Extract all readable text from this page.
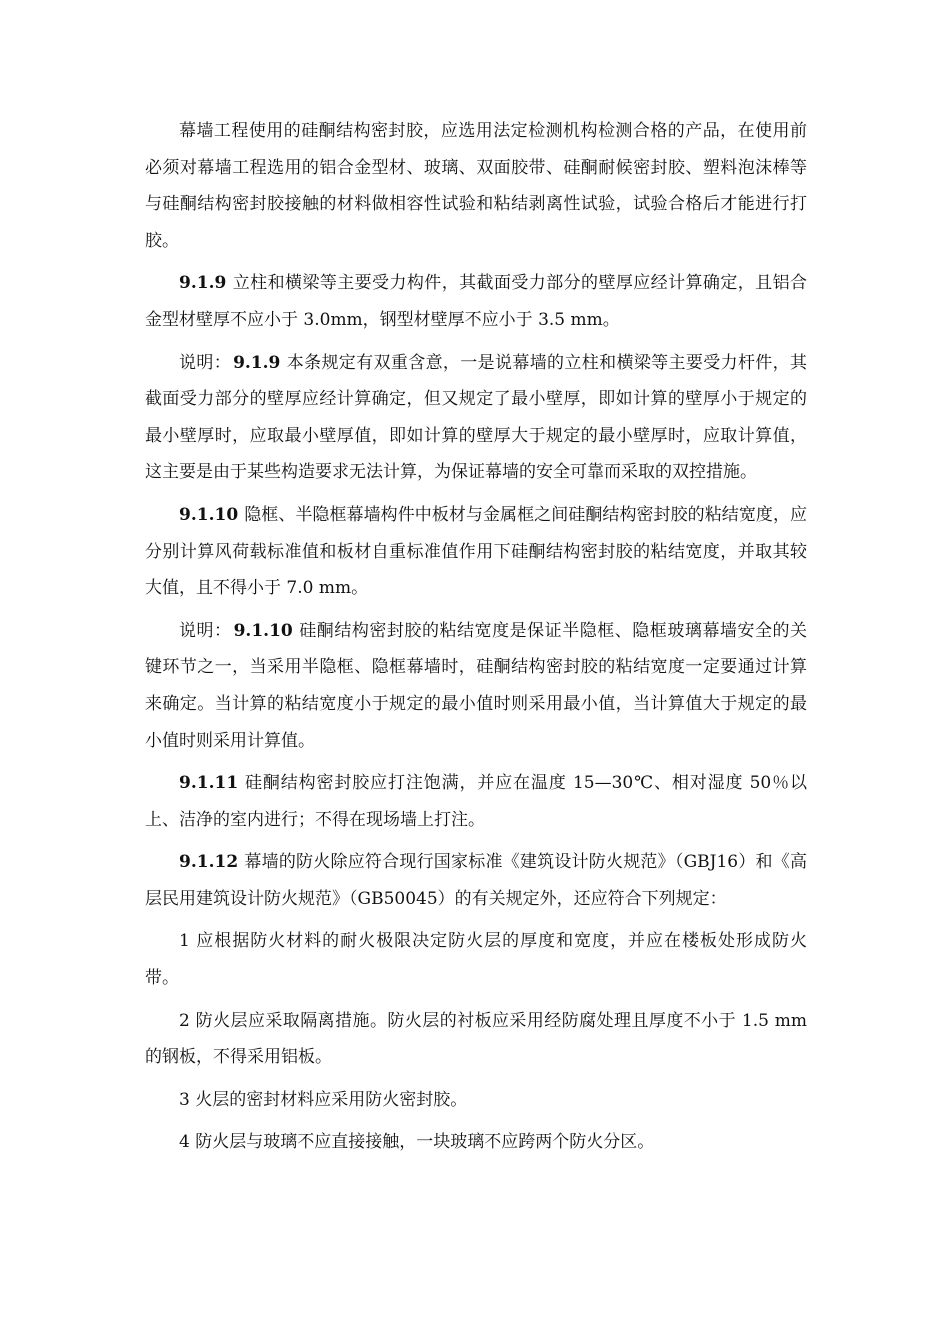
幕墙工程使用的硅酮结构密封胶，应选用法定检测机构检测合格的产品，在使用前必须对幕墙工程选用的铝合金型材、玻璃、双面胶带、硅酮耐候密封胶、塑料泡沫棒等与硅酮结构密封胶接触的材料做相容性试验和粘结剥离性试验，试验合格后才能进行打胶。

9.1.9 立柱和横梁等主要受力构件，其截面受力部分的壁厚应经计算确定，且铝合金型材壁厚不应小于 3.0mm，钢型材壁厚不应小于 3.5 mm。

说明： 9.1.9 本条规定有双重含意，一是说幕墙的立柱和横梁等主要受力杆件，其截面受力部分的壁厚应经计算确定，但又规定了最小壁厚，即如计算的壁厚小于规定的最小壁厚时，应取最小壁厚值，即如计算的壁厚大于规定的最小壁厚时，应取计算值，这主要是由于某些构造要求无法计算，为保证幕墙的安全可靠而采取的双控措施。

9.1.10 隐框、半隐框幕墙构件中板材与金属框之间硅酮结构密封胶的粘结宽度，应分别计算风荷载标准值和板材自重标准值作用下硅酮结构密封胶的粘结宽度，并取其较大值，且不得小于 7.0 mm。

说明： 9.1.10 硅酮结构密封胶的粘结宽度是保证半隐框、隐框玻璃幕墙安全的关键环节之一，当采用半隐框、隐框幕墙时，硅酮结构密封胶的粘结宽度一定要通过计算来确定。当计算的粘结宽度小于规定的最小值时则采用最小值，当计算值大于规定的最小值时则采用计算值。

9.1.11 硅酮结构密封胶应打注饱满，并应在温度 15—30℃、相对湿度 50％以上、洁净的室内进行；不得在现场墙上打注。

9.1.12 幕墙的防火除应符合现行国家标准《建筑设计防火规范》（GBJ16）和《高层民用建筑设计防火规范》（GB50045）的有关规定外，还应符合下列规定：

1 应根据防火材料的耐火极限决定防火层的厚度和宽度，并应在楼板处形成防火带。

2 防火层应采取隔离措施。防火层的衬板应采用经防腐处理且厚度不小于 1.5 mm 的钢板，不得采用铝板。

3 火层的密封材料应采用防火密封胶。

4 防火层与玻璃不应直接接触，一块玻璃不应跨两个防火分区。
